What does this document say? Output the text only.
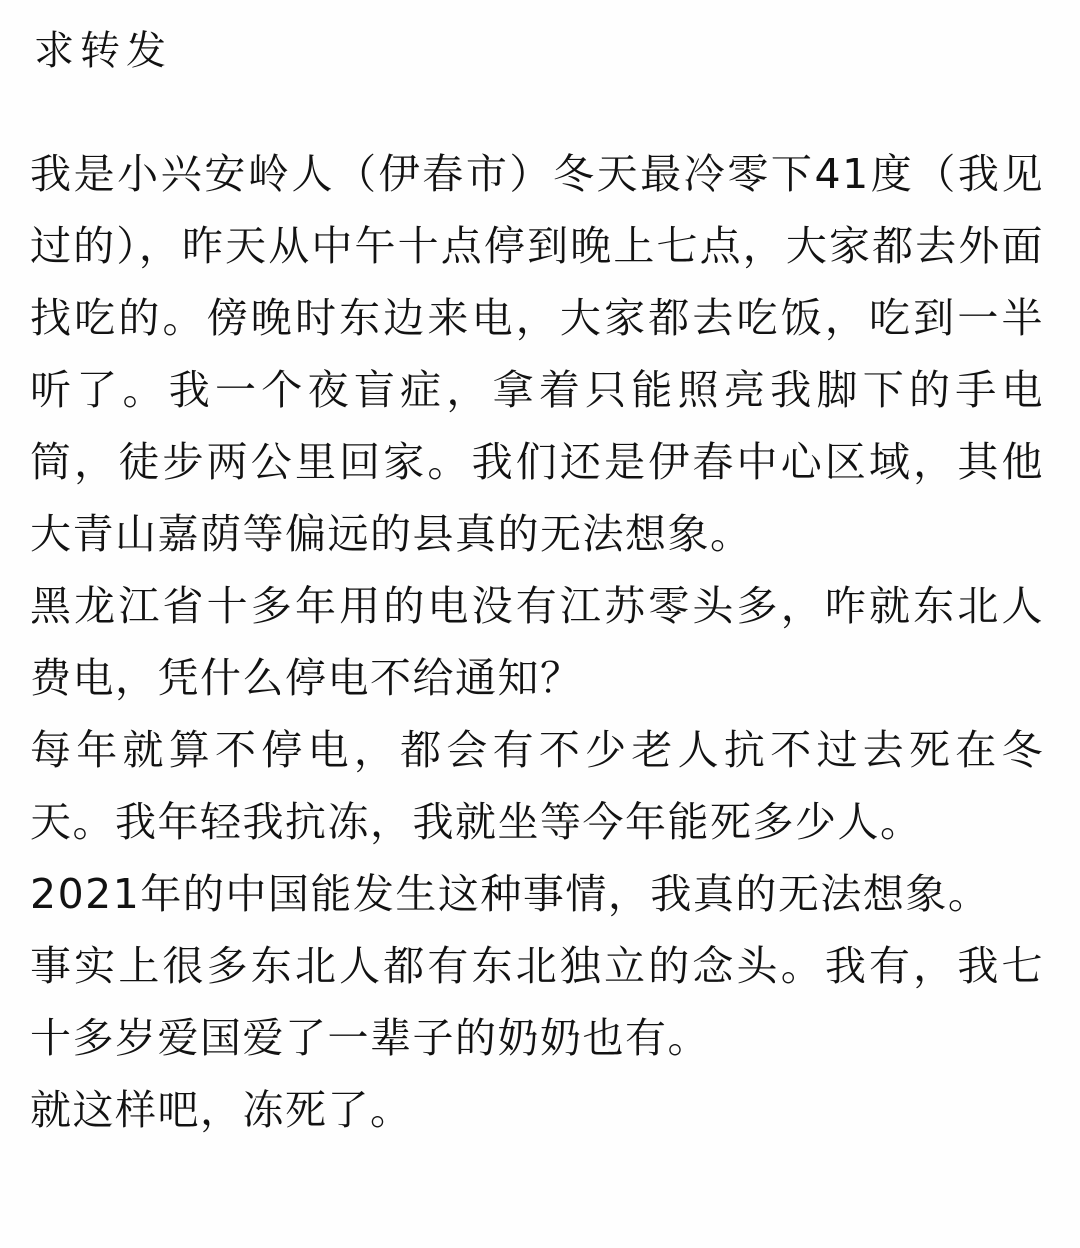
求转发

我是小兴安岭人（伊春市）冬天最冷零下41度（我见过的），昨天从中午十点停到晚上七点，大家都去外面找吃的。傍晚时东边来电，大家都去吃饭，吃到一半听了。我一个夜盲症，拿着只能照亮我脚下的手电筒，徒步两公里回家。我们还是伊春中心区域，其他大青山嘉荫等偏远的县真的无法想象。

黑龙江省十多年用的电没有江苏零头多，咋就东北人费电，凭什么停电不给通知？

每年就算不停电，都会有不少老人抗不过去死在冬天。我年轻我抗冻，我就坐等今年能死多少人。

2021年的中国能发生这种事情，我真的无法想象。

事实上很多东北人都有东北独立的念头。我有，我七十多岁爱国爱了一辈子的奶奶也有。

就这样吧，冻死了。
